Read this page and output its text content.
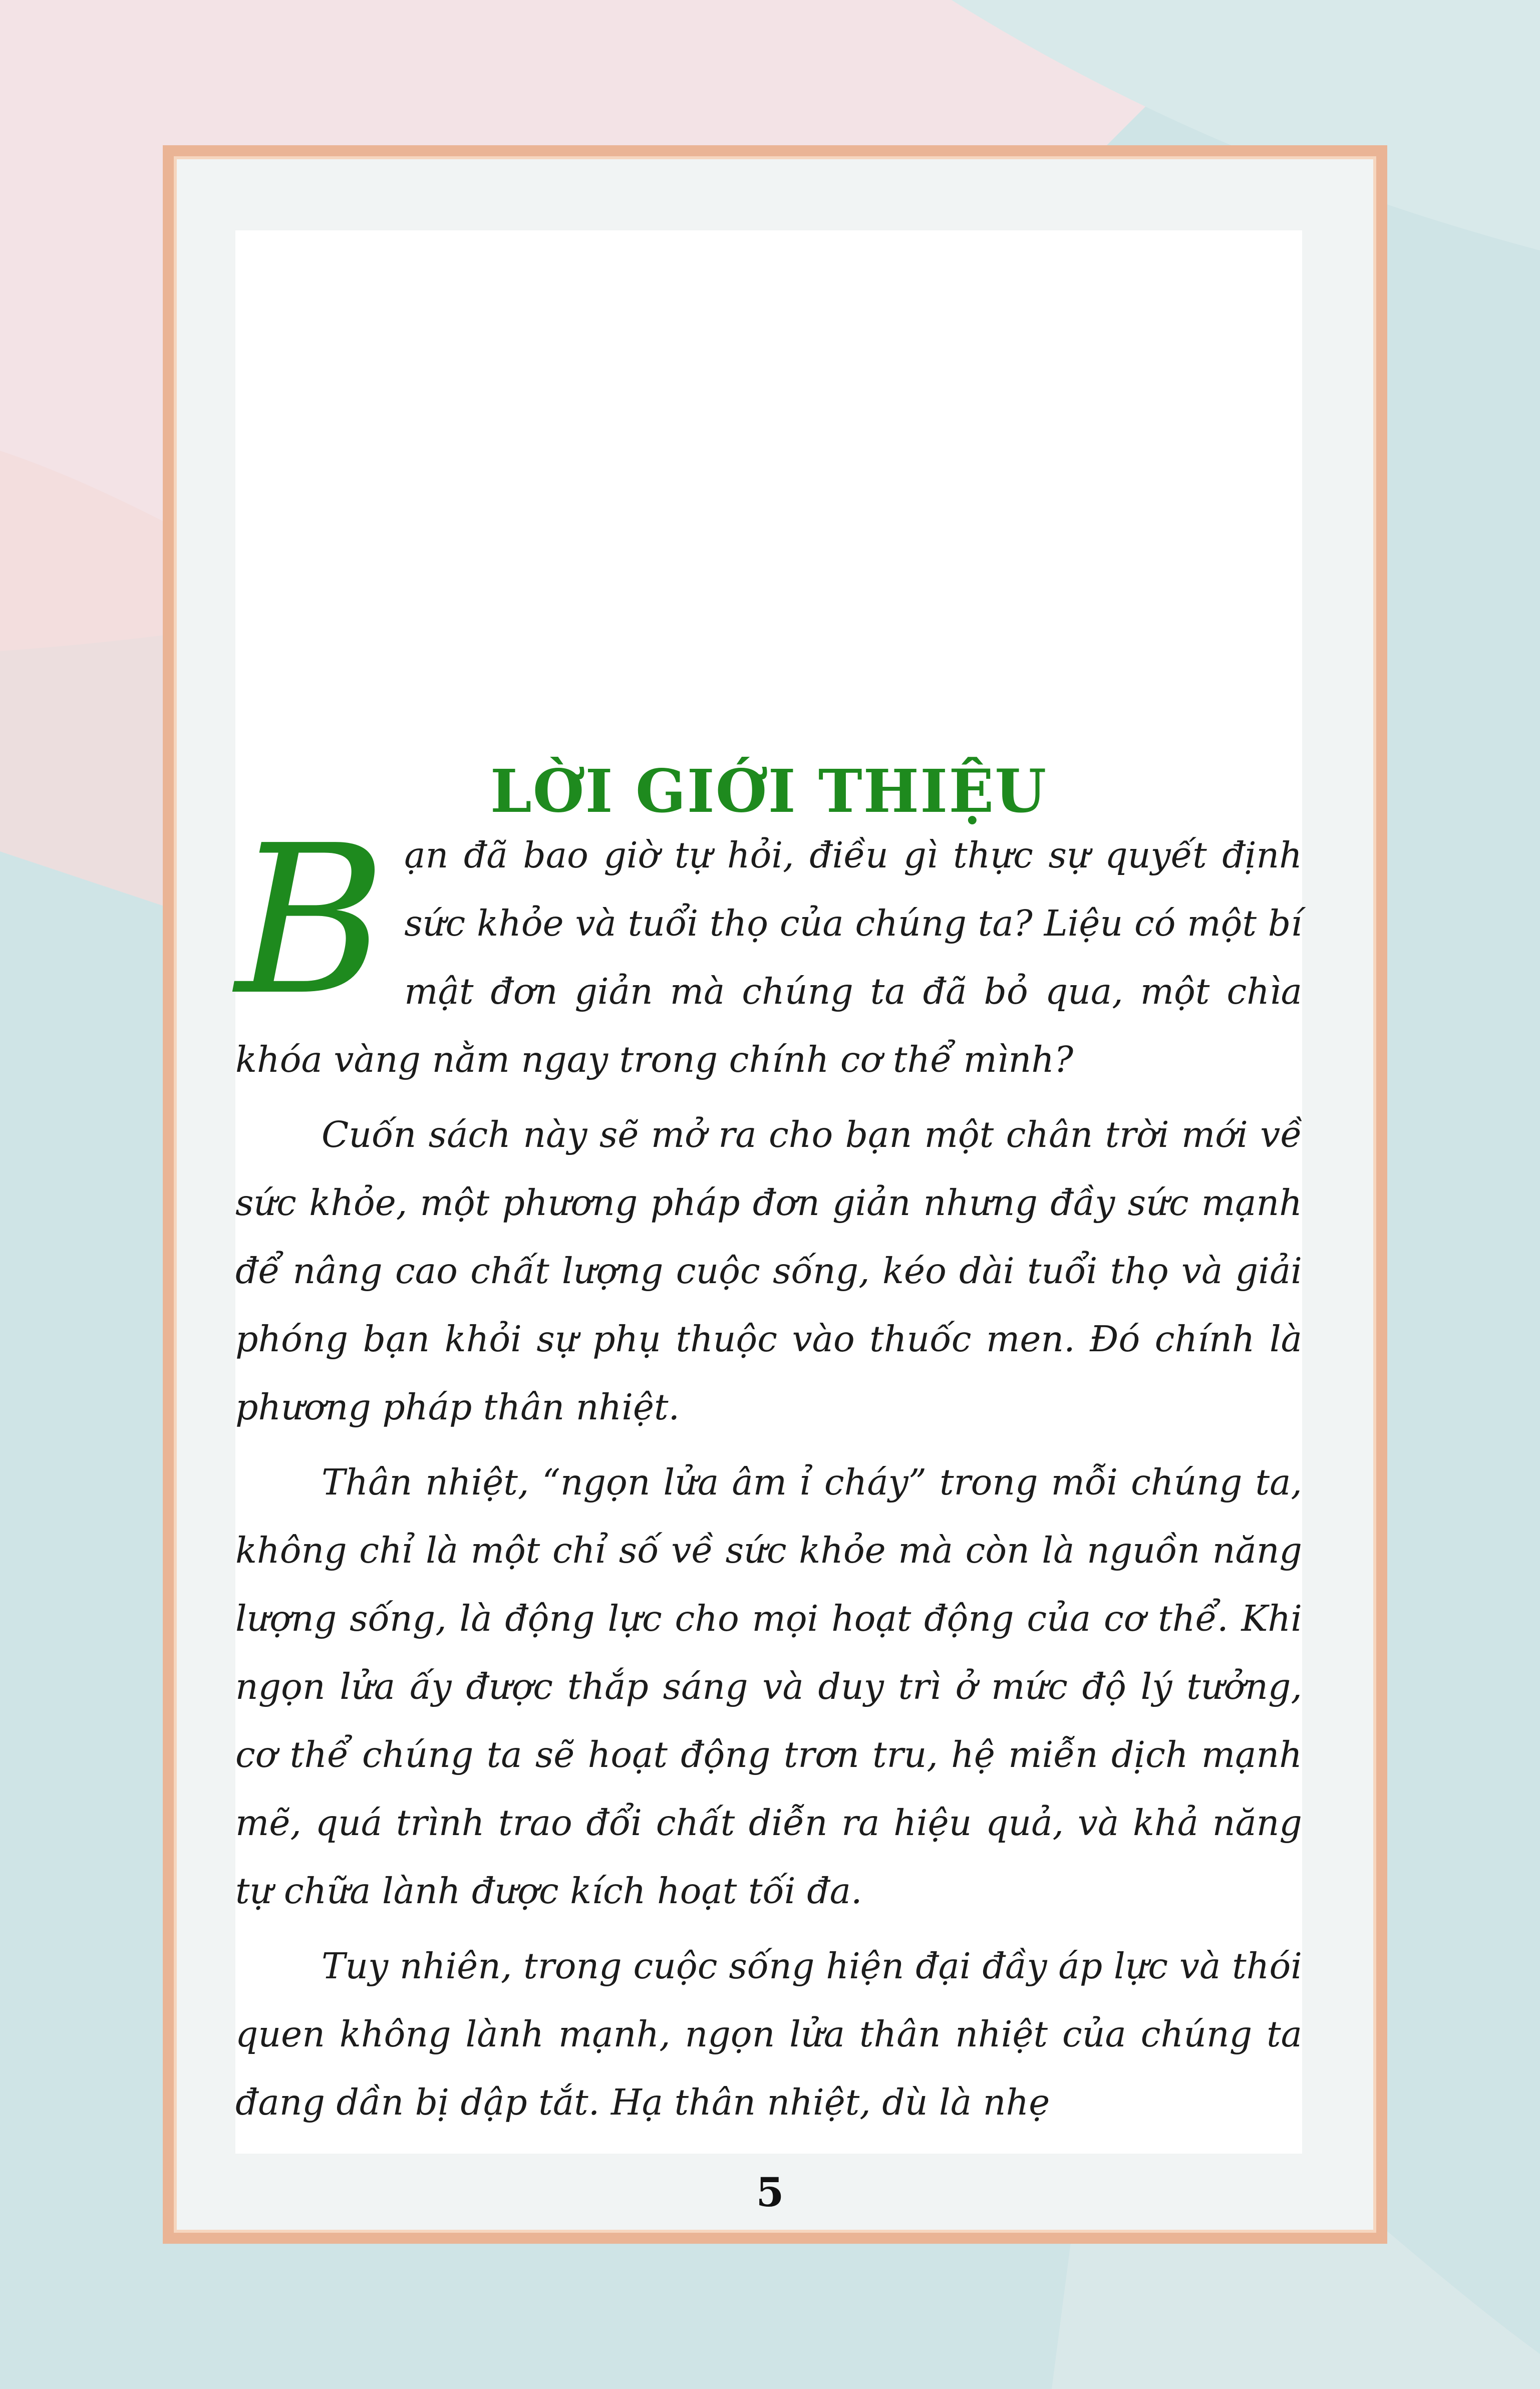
LỜI GIỚI THIỆU

Bạn đã bao giờ tự hỏi, điều gì thực sự quyết định sức khỏe và tuổi thọ của chúng ta? Liệu có một bí mật đơn giản mà chúng ta đã bỏ qua, một chìa khóa vàng nằm ngay trong chính cơ thể mình?

Cuốn sách này sẽ mở ra cho bạn một chân trời mới về sức khỏe, một phương pháp đơn giản nhưng đầy sức mạnh để nâng cao chất lượng cuộc sống, kéo dài tuổi thọ và giải phóng bạn khỏi sự phụ thuộc vào thuốc men. Đó chính là phương pháp thân nhiệt.

Thân nhiệt, “ngọn lửa âm ỉ cháy” trong mỗi chúng ta, không chỉ là một chỉ số về sức khỏe mà còn là nguồn năng lượng sống, là động lực cho mọi hoạt động của cơ thể. Khi ngọn lửa ấy được thắp sáng và duy trì ở mức độ lý tưởng, cơ thể chúng ta sẽ hoạt động trơn tru, hệ miễn dịch mạnh mẽ, quá trình trao đổi chất diễn ra hiệu quả, và khả năng tự chữa lành được kích hoạt tối đa.

Tuy nhiên, trong cuộc sống hiện đại đầy áp lực và thói quen không lành mạnh, ngọn lửa thân nhiệt của chúng ta đang dần bị dập tắt. Hạ thân nhiệt, dù là nhẹ

5
